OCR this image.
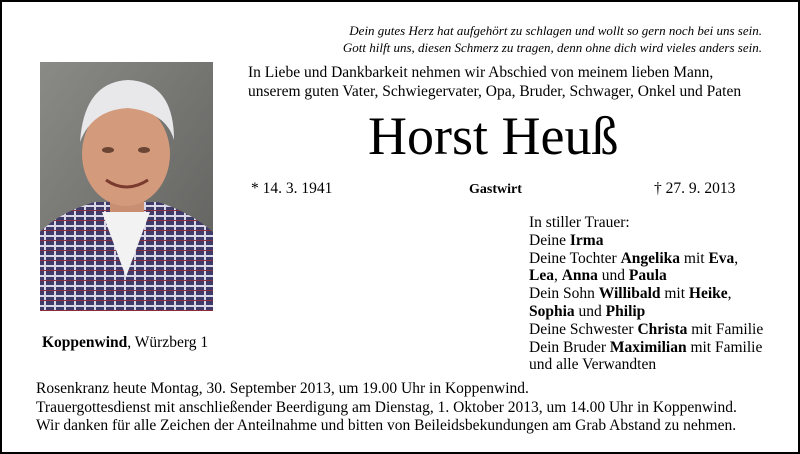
Dein gutes Herz hat aufgehört zu schlagen und wollt so gern noch bei uns sein.
Gott hilft uns, diesen Schmerz zu tragen, denn ohne dich wird vieles anders sein.
In Liebe und Dankbarkeit nehmen wir Abschied von meinem lieben Mann,
unserem guten Vater, Schwiegervater, Opa, Bruder, Schwager, Onkel und Paten
Horst Heuß
* 14. 3. 1941	Gastwirt	† 27. 9. 2013
In stiller Trauer:
Deine Irma
Deine Tochter Angelika mit Eva,
Lea, Anna und Paula
Dein Sohn Willibald mit Heike,
Sophia und Philip
Deine Schwester Christa mit Familie
Dein Bruder Maximilian mit Familie
und alle Verwandten
Koppenwind, Würzberg 1
Rosenkranz heute Montag, 30. September 2013, um 19.00 Uhr in Koppenwind.
Trauergottesdienst mit anschließender Beerdigung am Dienstag, 1. Oktober 2013, um 14.00 Uhr in Koppenwind.
Wir danken für alle Zeichen der Anteilnahme und bitten von Beileidsbekundungen am Grab Abstand zu nehmen.
